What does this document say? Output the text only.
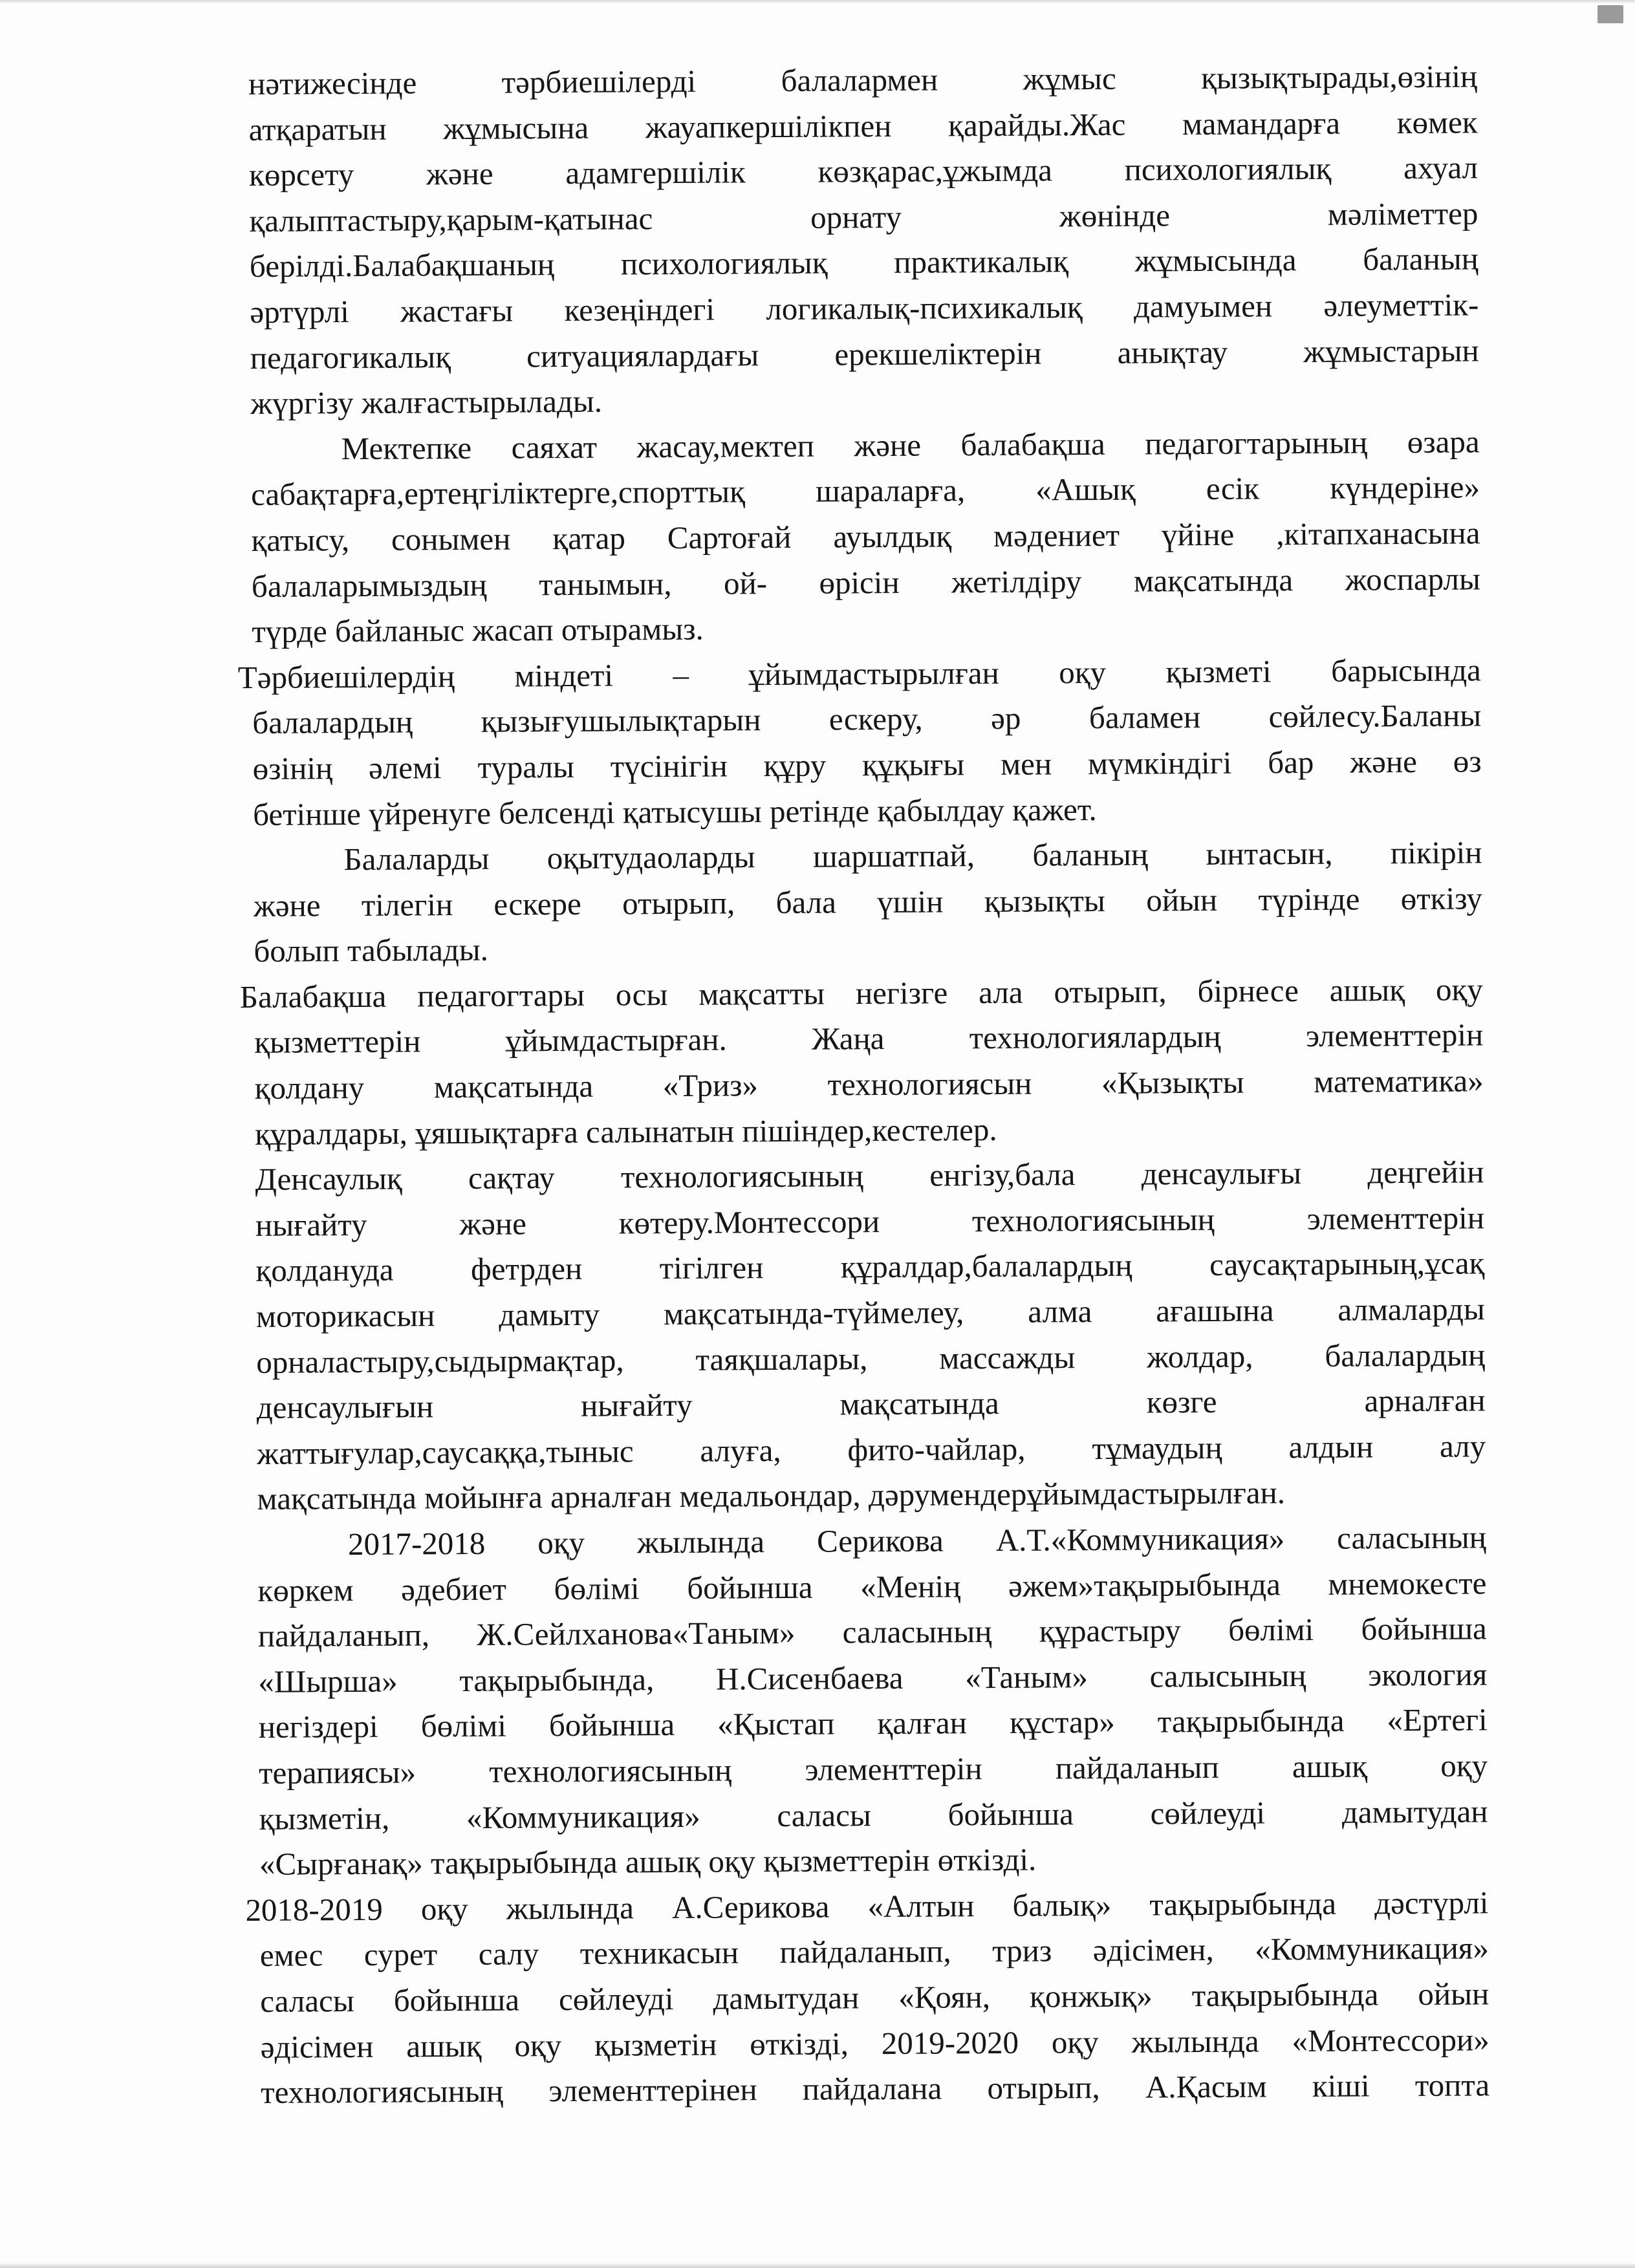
нәтижесінде тәрбиешілерді балалармен жұмыс қызықтырады,өзінің
атқаратын жұмысына жауапкершілікпен қарайды.Жас мамандарға көмек
көрсету және адамгершілік көзқарас,ұжымда психологиялық ахуал
қалыптастыру,қарым-қатынас орнату жөнінде мәліметтер
берілді.Балабақшаның психологиялық практикалық жұмысында баланың
әртүрлі жастағы кезеңіндегі логикалық-психикалық дамуымен әлеуметтік-
педагогикалық ситуациялардағы ерекшеліктерін анықтау жұмыстарын
жүргізу жалғастырылады.
Мектепке саяхат жасау,мектеп және балабақша педагогтарының өзара
сабақтарға,ертеңгіліктерге,спорттық шараларға, «Ашық есік күндеріне»
қатысу, сонымен қатар Сартоғай ауылдық мәдениет үйіне ,кітапханасына
балаларымыздың танымын, ой- өрісін жетілдіру мақсатында жоспарлы
түрде байланыс жасап отырамыз.
Тәрбиешілердің міндеті – ұйымдастырылған оқу қызметі барысында
балалардың қызығушылықтарын ескеру, әр баламен сөйлесу.Баланы
өзінің әлемі туралы түсінігін құру құқығы мен мүмкіндігі бар және өз
бетінше үйренуге белсенді қатысушы ретінде қабылдау қажет.
Балаларды оқытудаоларды шаршатпай, баланың ынтасын, пікірін
және тілегін ескере отырып, бала үшін қызықты ойын түрінде өткізу
болып табылады.
Балабақша педагогтары осы мақсатты негізге ала отырып, бірнесе ашық оқу
қызметтерін ұйымдастырған. Жаңа технологиялардың элементтерін
қолдану мақсатында «Триз» технологиясын «Қызықты математика»
құралдары, ұяшықтарға салынатын пішіндер,кестелер.
Денсаулық сақтау технологиясының енгізу,бала денсаулығы деңгейін
нығайту және көтеру.Монтессори технологиясының элементтерін
қолдануда фетрден тігілген құралдар,балалардың саусақтарының,ұсақ
моторикасын дамыту мақсатында-түймелеу, алма ағашына алмаларды
орналастыру,сыдырмақтар, таяқшалары, массажды жолдар, балалардың
денсаулығын нығайту мақсатында көзге арналған
жаттығулар,саусаққа,тыныс алуға, фито-чайлар, тұмаудың алдын алу
мақсатында мойынға арналған медальондар, дәрумендерұйымдастырылған.
2017-2018 оқу жылында Серикова А.Т.«Коммуникация» саласының
көркем әдебиет бөлімі бойынша «Менің әжем»тақырыбында мнемокесте
пайдаланып, Ж.Сейлханова«Таным» саласының құрастыру бөлімі бойынша
«Шырша» тақырыбында, Н.Сисенбаева «Таным» салысының экология
негіздері бөлімі бойынша «Қыстап қалған құстар» тақырыбында «Ертегі
терапиясы» технологиясының элементтерін пайдаланып ашық оқу
қызметін, «Коммуникация» саласы бойынша сөйлеуді дамытудан
«Сырғанақ» тақырыбында ашық оқу қызметтерін өткізді.
2018-2019 оқу жылында А.Серикова «Алтын балық» тақырыбында дәстүрлі
емес сурет салу техникасын пайдаланып, триз әдісімен, «Коммуникация»
саласы бойынша сөйлеуді дамытудан «Қоян, қонжық» тақырыбында ойын
әдісімен ашық оқу қызметін өткізді, 2019-2020 оқу жылында «Монтессори»
технологиясының элементтерінен пайдалана отырып, А.Қасым кіші топта
